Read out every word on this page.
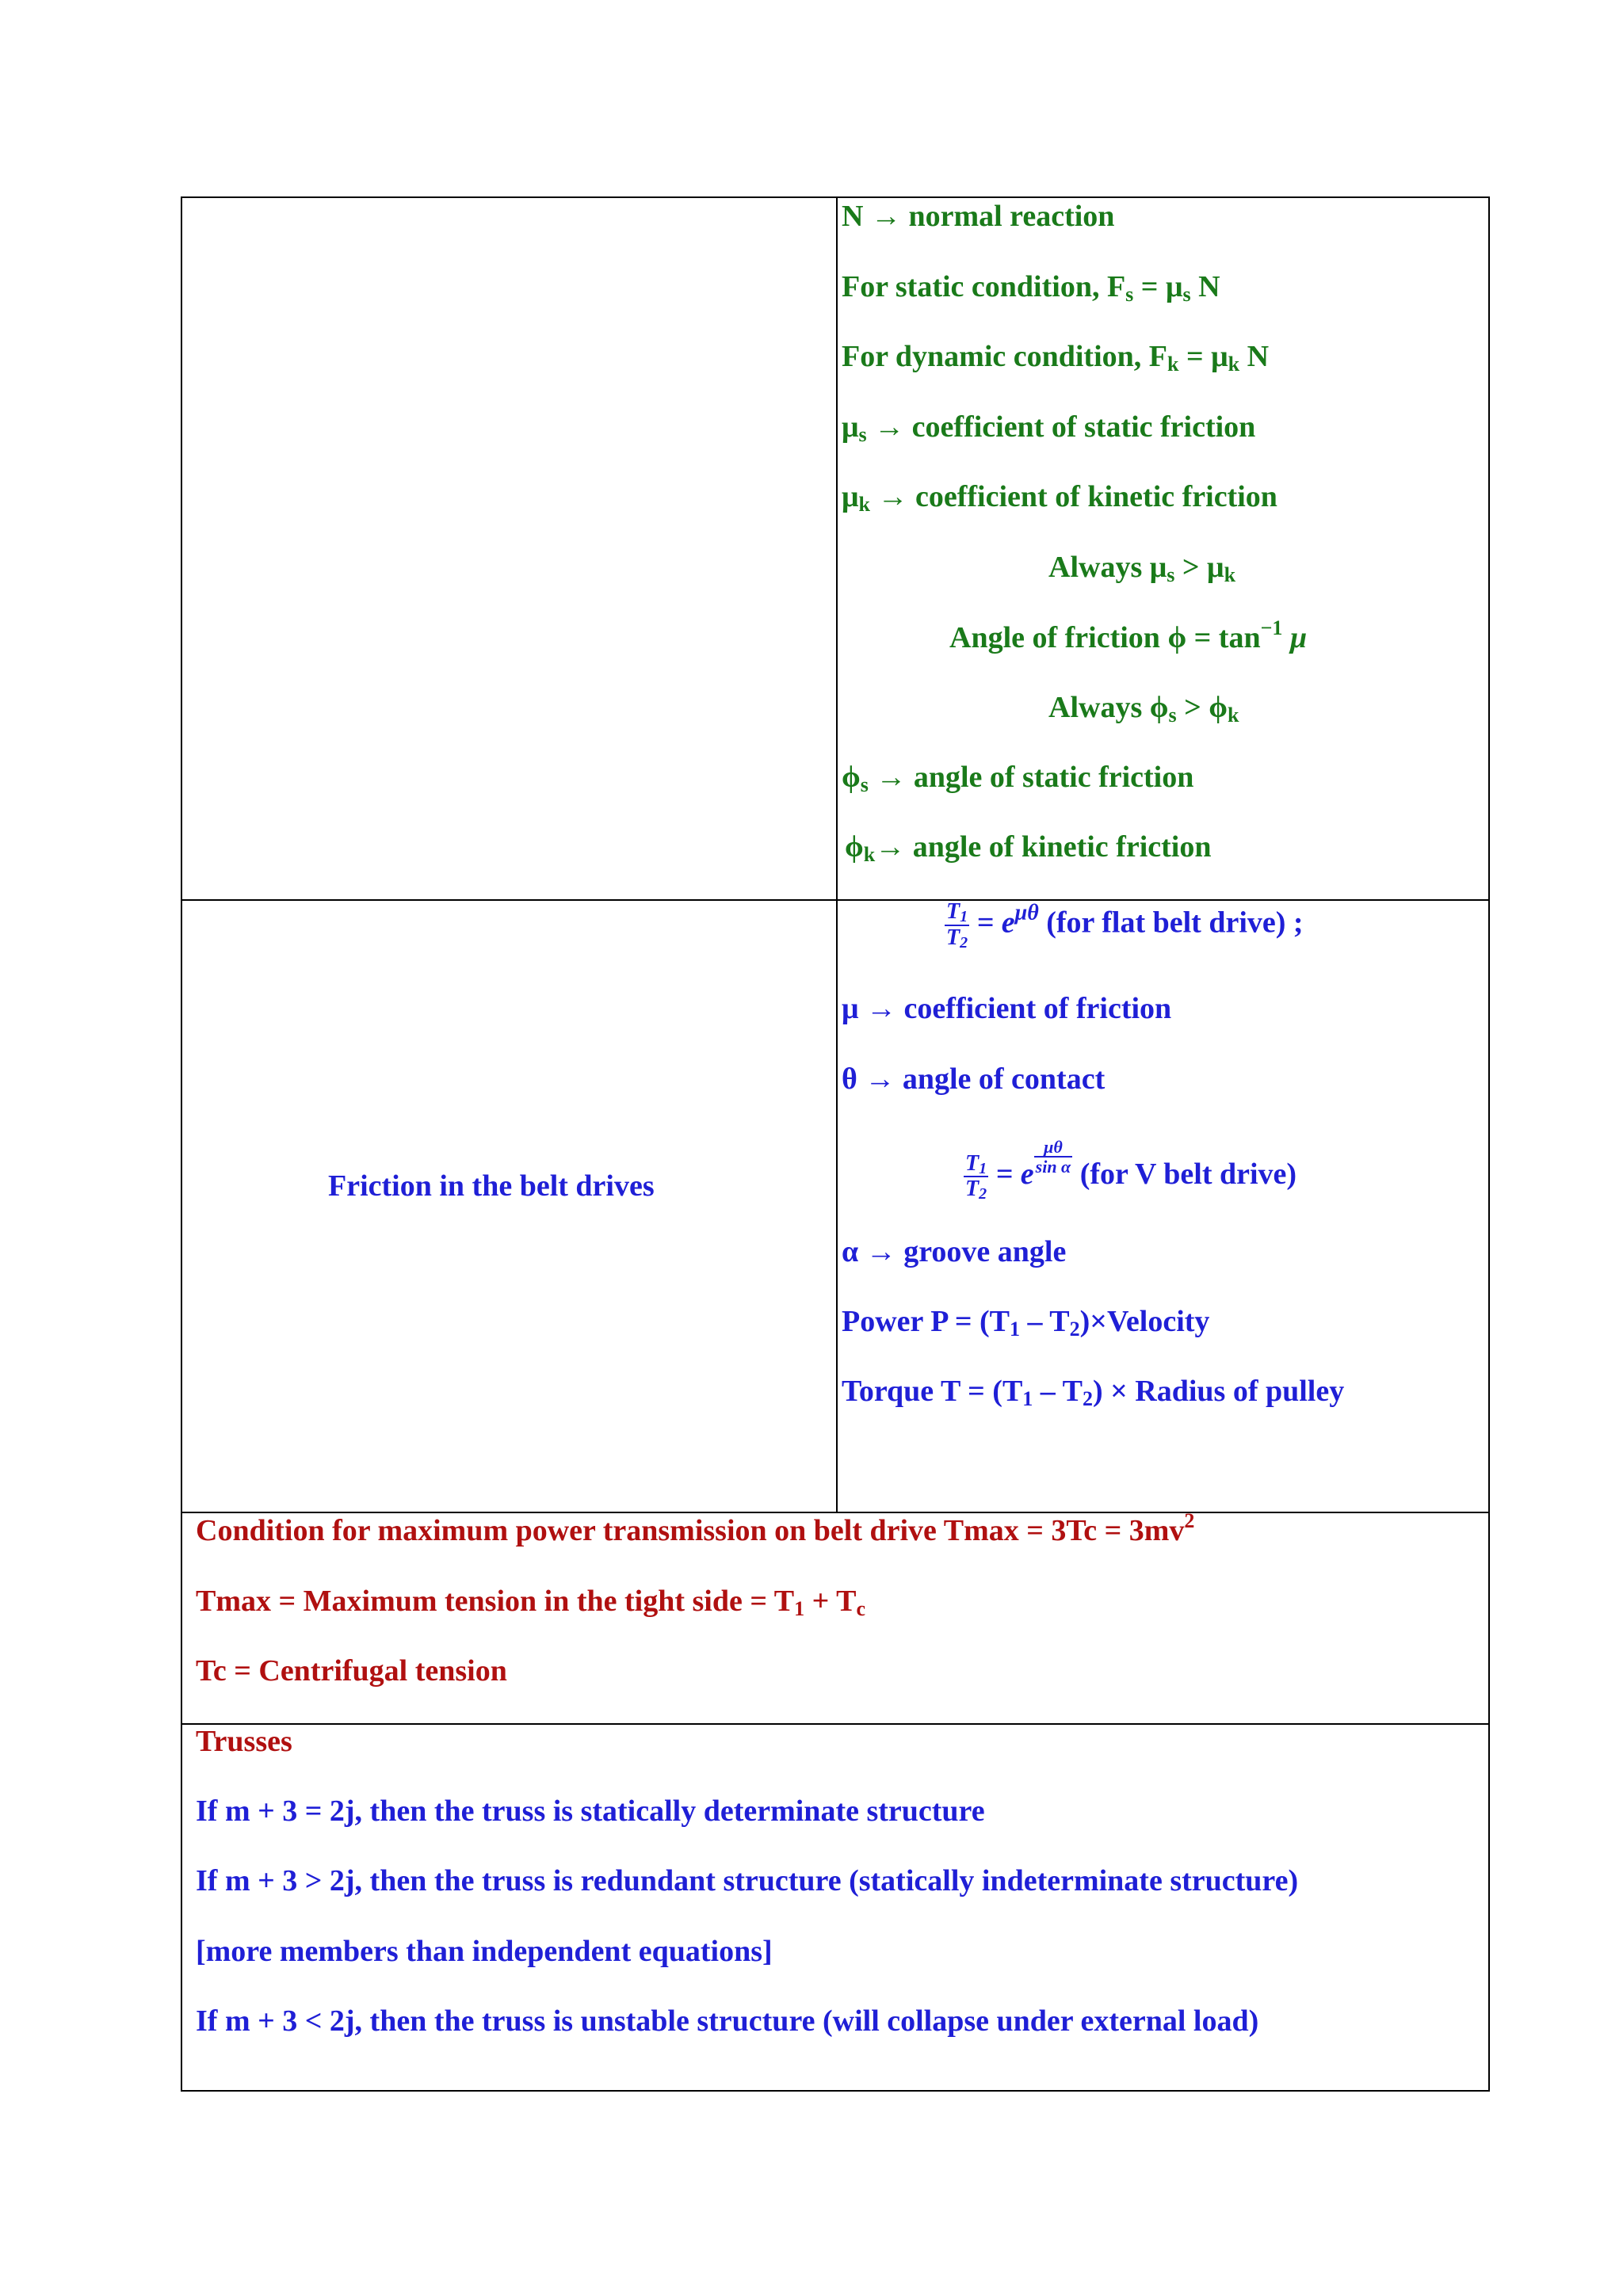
N → normal reaction
For static condition, $F_s = \mu_s$ N
For dynamic condition, $F_k = \mu_k$ N
$\mu_s$ → coefficient of static friction
$\mu_k$ → coefficient of kinetic friction
Always $\mu_s > \mu_k$
Angle of friction $\phi = \tan^{-1} \mu$
Always $\phi_s > \phi_k$
$\phi_s$ → angle of static friction
$\phi_k\to$ angle of kinetic friction
Friction in the belt drives
$\frac{T_1}{T_2} = e^{\mu\theta}$ (for flat belt drive) ;
μ → coefficient of friction
θ → angle of contact
$\frac{T_1}{T_2} = e \frac{\mu\theta}{\text{sin α}} (for$ V belt drive)
α → groove angle
Power $P = (T_1$ – $T_2)\times Velocity$
Torque $T = (T_1 - T_2)$ × Radius of pulley
Condition for maximum power transmission on belt drive $Tmax = 3Tc = 3mv^2$
Tmax = Maximum tension in the tight side = $T_1 + T_c$
Tc = Centrifugal tension
Trusses
If m + 3 = 2j, then the truss is statically determinate structure
If m + 3 > 2j, then the truss is redundant structure (statically indeterminate structure)
[more members than independent equations]
If m + 3 < 2j, then the truss is unstable structure (will collapse under external load)
